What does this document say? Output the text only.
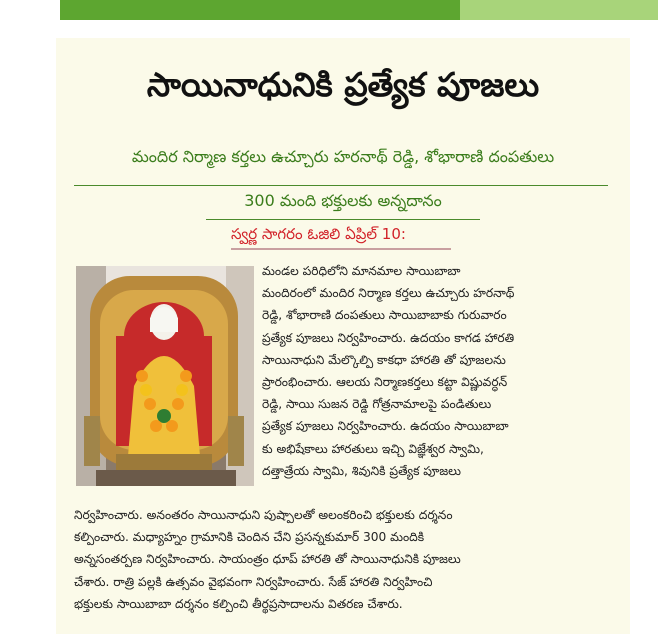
సాయినాధునికి ప్రత్యేక పూజలు
మందిర నిర్మాణ కర్తలు ఉచ్చూరు హరనాథ్ రెడ్డి, శోభారాణి దంపతులు
300 మంది భక్తులకు అన్నదానం
స్వర్ణ సాగరం ఓజిలి ఏప్రిల్ 10:
మండల పరిధిలోని మానమాల సాయిబాబా
మందిరంలో మందిర నిర్మాణ కర్తలు ఉచ్చూరు హరనాథ్
రెడ్డి, శోభారాణి దంపతులు సాయిబాబాకు గురువారం
ప్రత్యేక పూజలు నిర్వహించారు. ఉదయం కాగడ హారతి
సాయినాధుని మేల్కొల్పి కాకధా హారతి తో పూజలను
ప్రారంభించారు. ఆలయ నిర్మాణకర్తలు కట్టా విష్ణువర్ధన్
రెడ్డి, సాయి సుజన రెడ్డి గోత్రనామాలపై పండితులు
ప్రత్యేక పూజలు నిర్వహించారు. ఉదయం సాయిబాబా
కు అభిషేకాలు హారతులు ఇచ్చి విజ్ఞేశ్వర స్వామి,
దత్తాత్రేయ స్వామి, శివునికి ప్రత్యేక పూజలు
నిర్వహించారు. అనంతరం సాయినాధుని పుష్పాలతో అలంకరించి భక్తులకు దర్శనం
కల్పించారు. మధ్యాహ్నం గ్రామానికి చెందిన చేని ప్రసన్నకుమార్ 300 మందికి
అన్నసంతర్పణ నిర్వహించారు. సాయంత్రం ధూప్ హారతి తో సాయినాధునికి పూజలు
చేశారు. రాత్రి పల్లకి ఉత్సవం వైభవంగా నిర్వహించారు. సేజ్ హారతి నిర్వహించి
భక్తులకు సాయిబాబా దర్శనం కల్పించి తీర్థప్రసాదాలను వితరణ చేశారు.
